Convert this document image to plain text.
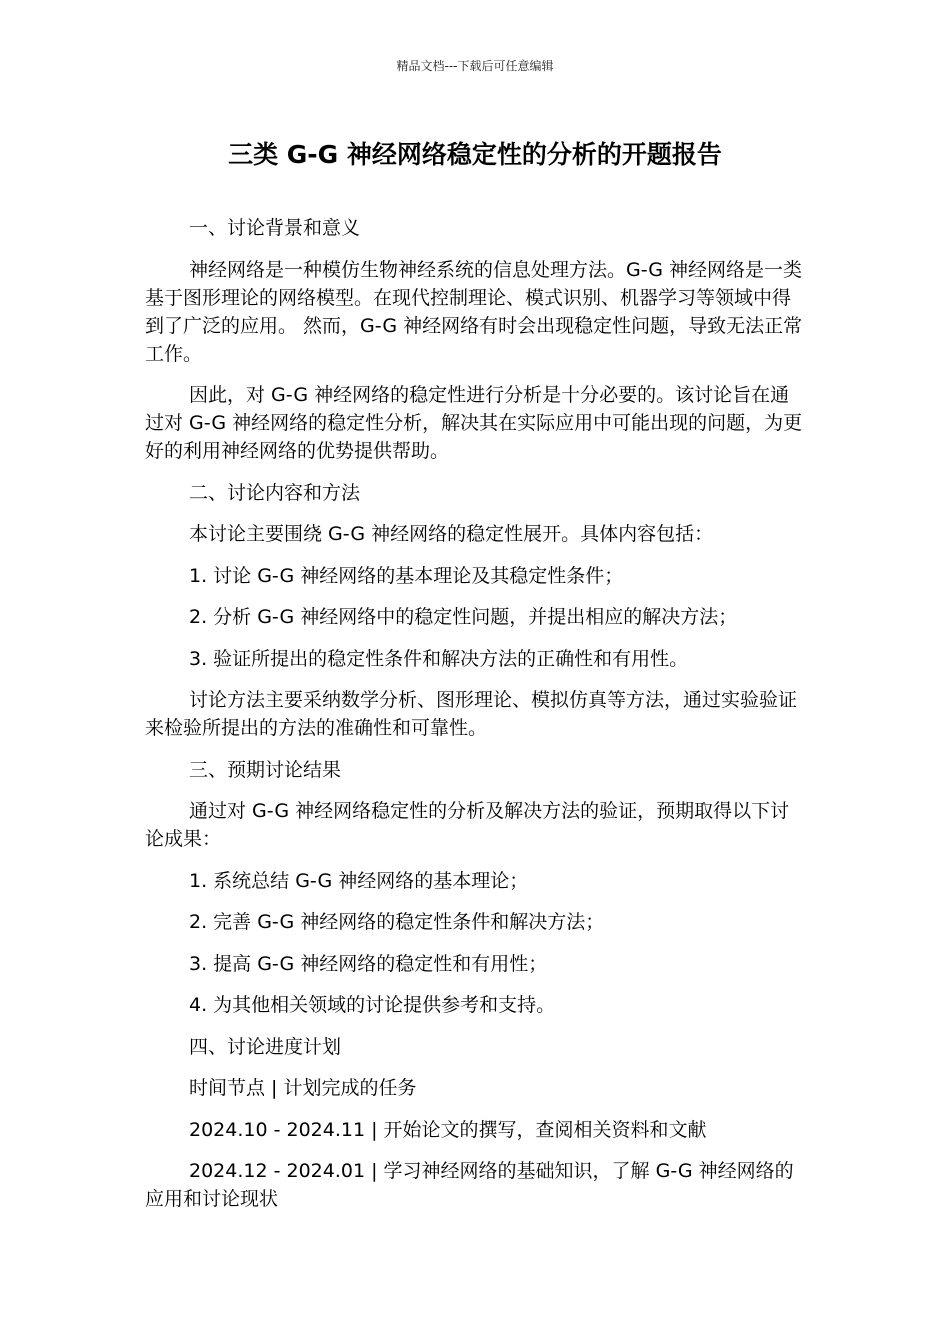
精品文档---下载后可任意编辑
三类 G-G 神经网络稳定性的分析的开题报告

一、讨论背景和意义

神经网络是一种模仿生物神经系统的信息处理方法。G-G 神经网络是一类基于图形理论的网络模型。在现代控制理论、模式识别、机器学习等领域中得到了广泛的应用。 然而，G-G 神经网络有时会出现稳定性问题，导致无法正常工作。

因此，对 G-G 神经网络的稳定性进行分析是十分必要的。该讨论旨在通过对 G-G 神经网络的稳定性分析，解决其在实际应用中可能出现的问题，为更好的利用神经网络的优势提供帮助。

二、讨论内容和方法

本讨论主要围绕 G-G 神经网络的稳定性展开。具体内容包括：

1. 讨论 G-G 神经网络的基本理论及其稳定性条件；

2. 分析 G-G 神经网络中的稳定性问题，并提出相应的解决方法；

3. 验证所提出的稳定性条件和解决方法的正确性和有用性。

讨论方法主要采纳数学分析、图形理论、模拟仿真等方法，通过实验验证来检验所提出的方法的准确性和可靠性。

三、预期讨论结果

通过对 G-G 神经网络稳定性的分析及解决方法的验证，预期取得以下讨论成果：

1. 系统总结 G-G 神经网络的基本理论；

2. 完善 G-G 神经网络的稳定性条件和解决方法；

3. 提高 G-G 神经网络的稳定性和有用性；

4. 为其他相关领域的讨论提供参考和支持。

四、讨论进度计划

时间节点 | 计划完成的任务

2024.10 - 2024.11 | 开始论文的撰写，查阅相关资料和文献

2024.12 - 2024.01 | 学习神经网络的基础知识，了解 G-G 神经网络的应用和讨论现状
